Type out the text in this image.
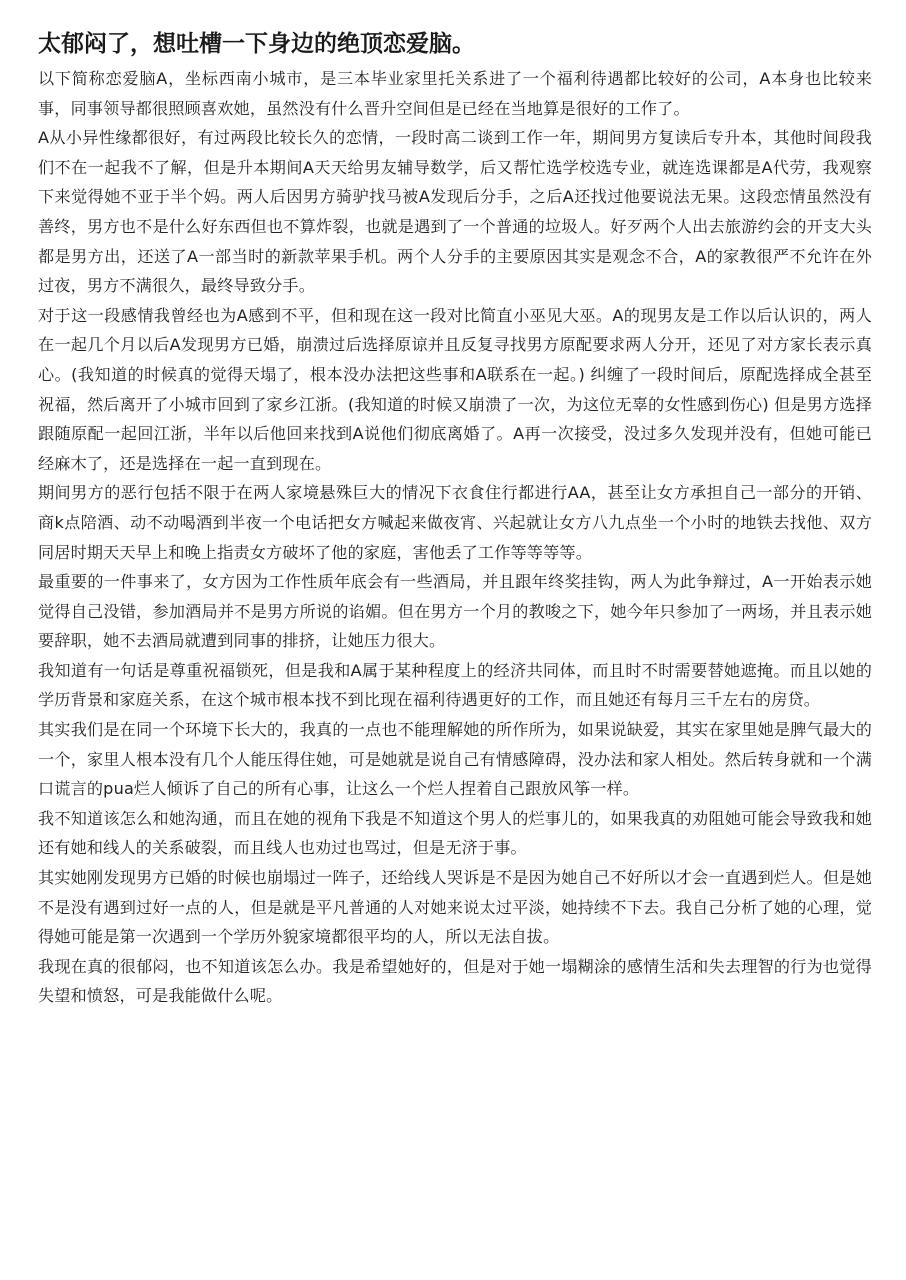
太郁闷了，想吐槽一下身边的绝顶恋爱脑。

以下简称恋爱脑A，坐标西南小城市，是三本毕业家里托关系进了一个福利待遇都比较好的公司，A本身也比较来事，同事领导都很照顾喜欢她，虽然没有什么晋升空间但是已经在当地算是很好的工作了。

A从小异性缘都很好，有过两段比较长久的恋情，一段时高二谈到工作一年，期间男方复读后专升本，其他时间段我们不在一起我不了解，但是升本期间A天天给男友辅导数学，后又帮忙选学校选专业，就连选课都是A代劳，我观察下来觉得她不亚于半个妈。两人后因男方骑驴找马被A发现后分手，之后A还找过他要说法无果。这段恋情虽然没有善终，男方也不是什么好东西但也不算炸裂，也就是遇到了一个普通的垃圾人。好歹两个人出去旅游约会的开支大头都是男方出，还送了A一部当时的新款苹果手机。两个人分手的主要原因其实是观念不合，A的家教很严不允许在外过夜，男方不满很久，最终导致分手。

对于这一段感情我曾经也为A感到不平，但和现在这一段对比简直小巫见大巫。A的现男友是工作以后认识的，两人在一起几个月以后A发现男方已婚，崩溃过后选择原谅并且反复寻找男方原配要求两人分开，还见了对方家长表示真心。(我知道的时候真的觉得天塌了，根本没办法把这些事和A联系在一起。) 纠缠了一段时间后，原配选择成全甚至祝福，然后离开了小城市回到了家乡江浙。(我知道的时候又崩溃了一次，为这位无辜的女性感到伤心) 但是男方选择跟随原配一起回江浙，半年以后他回来找到A说他们彻底离婚了。A再一次接受，没过多久发现并没有，但她可能已经麻木了，还是选择在一起一直到现在。

期间男方的恶行包括不限于在两人家境悬殊巨大的情况下衣食住行都进行AA，甚至让女方承担自己一部分的开销、商k点陪酒、动不动喝酒到半夜一个电话把女方喊起来做夜宵、兴起就让女方八九点坐一个小时的地铁去找他、双方同居时期天天早上和晚上指责女方破坏了他的家庭，害他丢了工作等等等等。

最重要的一件事来了，女方因为工作性质年底会有一些酒局，并且跟年终奖挂钩，两人为此争辩过，A一开始表示她觉得自己没错，参加酒局并不是男方所说的谄媚。但在男方一个月的教唆之下，她今年只参加了一两场，并且表示她要辞职，她不去酒局就遭到同事的排挤，让她压力很大。

我知道有一句话是尊重祝福锁死，但是我和A属于某种程度上的经济共同体，而且时不时需要替她遮掩。而且以她的学历背景和家庭关系，在这个城市根本找不到比现在福利待遇更好的工作，而且她还有每月三千左右的房贷。

其实我们是在同一个环境下长大的，我真的一点也不能理解她的所作所为，如果说缺爱，其实在家里她是脾气最大的一个，家里人根本没有几个人能压得住她，可是她就是说自己有情感障碍，没办法和家人相处。然后转身就和一个满口谎言的pua烂人倾诉了自己的所有心事，让这么一个烂人捏着自己跟放风筝一样。

我不知道该怎么和她沟通，而且在她的视角下我是不知道这个男人的烂事儿的，如果我真的劝阻她可能会导致我和她还有她和线人的关系破裂，而且线人也劝过也骂过，但是无济于事。

其实她刚发现男方已婚的时候也崩塌过一阵子，还给线人哭诉是不是因为她自己不好所以才会一直遇到烂人。但是她不是没有遇到过好一点的人，但是就是平凡普通的人对她来说太过平淡，她持续不下去。我自己分析了她的心理，觉得她可能是第一次遇到一个学历外貌家境都很平均的人，所以无法自拔。

我现在真的很郁闷，也不知道该怎么办。我是希望她好的，但是对于她一塌糊涂的感情生活和失去理智的行为也觉得失望和愤怒，可是我能做什么呢。
